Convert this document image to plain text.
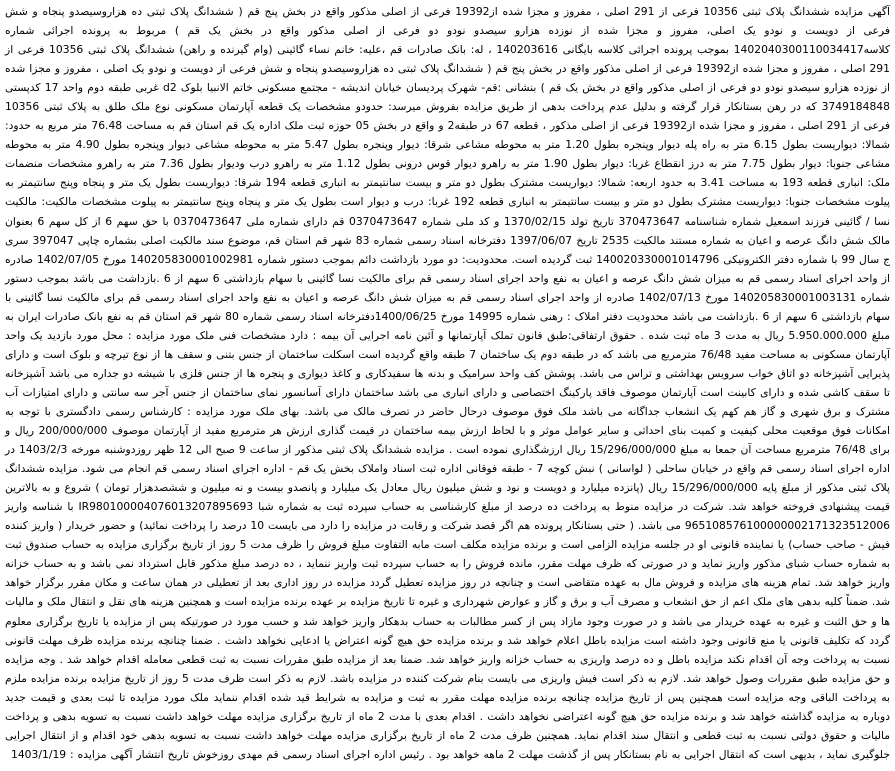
آگهی مزایده ششدانگ پلاک ثبتی 10356 فرعی از 291 اصلی ، مفروز و مجزا شده از19392 فرعی از اصلی مذکور واقع در بخش پنج قم ( ششدانگ پلاک ثبتی ده هزاروسیصدو پنجاه و شش فرعی از دویست و نودو یک اصلی، مفروز و مجزا شده از نوزده هزارو سیصدو نودو دو فرعی از اصلی مذکور واقع در بخش یک قم ) مربوط به پرونده اجرائی شماره کلاسه1402040300110034417 بموجب پرونده اجرائی کلاسه بایگانی 140203616 ، له: بانک صادرات قم ،علیه: خانم نساء گائینی (وام گیرنده و راهن) ششدانگ پلاک ثبتی 10356 فرعی از 291 اصلی ، مفروز و مجزا شده از19392 فرعی از اصلی مذکور واقع در بخش پنج قم ( ششدانگ پلاک ثبتی ده هزاروسیصدو پنجاه و شش فرعی از دویست و نودو یک اصلی ، مفروز و مجزا شده از نوزده هزارو سیصدو نودو دو فرعی از اصلی مذکور واقع در بخش یک قم ) بنشانی :قم- شهرک پردیسان خیابان اندیشه - مجتمع مسکونی خاتم الانبیا بلوک d2 غربی طبقه دوم واحد 17 کدپستی 3749184848 که در رهن بستانکار قرار گرفته و بدلیل عدم پرداخت بدهی از طریق مزایده بفروش میرسد: حدودو مشخصات یک قطعه آپارتمان مسکونی نوع ملک طلق به پلاک ثبتی 10356 فرعی از 291 اصلی ، مفروز و مجزا شده از19392 فرعی از اصلی مذکور ، قطعه 67 در طبقه2 و واقع در بخش 05 حوزه ثبت ملک اداره یک قم استان قم به مساحت 76.48 متر مربع به حدود: شمالا: دیواریست بطول 6.15 متر به راه پله دیوار وپنجره بطول 1.20 متر به محوطه مشاعی شرقا: دیوار وپنجره بطول 5.47 متر به محوطه مشاعی دیوار وپنجره بطول 4.90 متر به محوطه مشاعی جنوبا: دیوار بطول 7.75 متر به درز انقطاع غربا: دیوار بطول 1.90 متر به راهرو دیوار قوس درونی بطول 1.12 متر به راهرو درب ودیوار بطول 7.36 متر به راهرو مشخصات منضمات ملک: انباری قطعه 193 به مساحت 3.41 به حدود اربعه: شمالا: دیواریست مشترک بطول دو متر و بیست سانتیمتر به انباری قطعه 194 شرقا: دیواریست بطول یک متر و پنجاه وپنج سانتیمتر به پیلوت مشخصات جنوبا: دیواریست مشترک بطول دو متر و بیست سانتیمتر به انباری قطعه 192 غربا: درب و دیوار است بطول یک متر و پنجاه وپنج سانتیمتر به پیلوت مشخصات مالکیت: مالکیت نسا / گائینی فرزند اسمعیل شماره شناسنامه 370473647 تاریخ تولد 1370/02/15 و کد ملی شماره 0370473647 قم دارای شماره ملی 0370473647 با حق سهم 6 از کل سهم 6 بعنوان مالک شش دانگ عرصه و اعیان به شماره مستند مالکیت 2535 تاریخ 1397/06/07 دفترخانه اسناد رسمی شماره 83 شهر قم استان قم، موضوع سند مالکیت اصلی بشماره چاپی 397047 سری ج سال 99 با شماره دفتر الکترونیکی 140020330001014796 ثبت گردیده است. محدودیت: دو مورد بازداشت دائم بموجب دستور شماره 140205830001002981 مورخ 1402/07/05 صادره از واحد اجرای اسناد رسمی قم به میزان شش دانگ عرصه و اعیان به نفع واحد اجرای اسناد رسمی قم برای مالکیت نسا گائینی با سهام بازداشتی 6 سهم از 6 .بازداشت می باشد بموجب دستور شماره 140205830001003131 مورخ 1402/07/13 صادره از واحد اجرای اسناد رسمی قم به میزان شش دانگ عرصه و اعیان به نفع واحد اجرای اسناد رسمی قم برای مالکیت نسا گائینی با سهام بازداشتی 6 سهم از 6 .بازداشت می باشد محدودیت دفتر املاک : رهنی شماره 14995 مورخ 1400/06/25دفترخانه اسناد رسمی شماره 80 شهر قم استان قم به نفع بانک صادرات ایران به مبلغ 5.950.000.000 ریال به مدت 3 ماه ثبت شده . حقوق ارتفاقی:طبق قانون تملک آپارتمانها و آئین نامه اجرایی آن بیمه : دارد مشخصات فنی ملک مورد مزایده : محل مورد بازدید یک واحد آپارتمان مسکونی به مساحت مفید 76/48 مترمربع می باشد که در طبقه دوم یک ساختمان 7 طبقه واقع گردیده است اسکلت ساختمان از جنس بتنی و سقف ها از نوع تیرچه و بلوک است و دارای پذیرایی آشپزخانه دو اتاق خواب سرویس بهداشتی و تراس می باشد. پوشش کف واحد سرامیک و بدنه ها سفیدکاری و کاغذ دیواری و پنجره ها از جنس فلزی با شیشه دو جداره می باشد آشپزخانه تا سقف کاشی شده و دارای کابینت است آپارتمان موصوف فاقد پارکینگ اختصاصی و دارای انباری می باشد ساختمان دارای آسانسور نمای ساختمان از جنس آجر سه سانتی و دارای امتیازات آب مشترک و برق شهری و گاز هم کهم یک انشعاب جداگانه می باشد ملک فوق موصوف درحال حاضر در تصرف مالک می باشد. بهای ملک مورد مزایده : کارشناس رسمی دادگستری با توجه به امکانات فوق موقعیت محلی کیفیت و کمیت بنای احداثی و سایر عوامل موثر و با لحاظ ارزش بیمه ساختمان در قیمت گذاری ارزش هر مترمربع مفید از آپارتمان موصوف 200/000/000 ریال و برای 76/48 مترمربع مساحت آن جمعا به مبلغ 15/296/000/000 ریال ارزشگذاری نموده است . مزایده ششدانگ پلاک ثبتی مذکور از ساعت 9 صبح الی 12 ظهر روزدوشنبه مورخه 1403/2/3 در اداره اجرای اسناد رسمی قم واقع در خیابان ساحلی ( لواسانی ) نبش کوچه 7 - طبقه فوقانی اداره ثبت اسناد واملاک بخش یک قم - اداره اجرای اسناد رسمی قم انجام می شود. مزایده ششدانگ پلاک ثبتی مذکور از مبلغ پایه 15/296/000/000 ریال (پانزده میلیارد و دویست و نود و شش میلیون ریال معادل یک میلیارد و پانصدو بیست و نه میلیون و ششصدهزار تومان ) شروع و به بالاترین قیمت پیشنهادی فروخته خواهد شد. شرکت در مزایده منوط به پرداخت ده درصد از مبلغ کارشناسی به حساب سپرده ثبت به شماره شبا IR980100004076013207895693 با شناسه واریز 965108576100000002171323512006 می باشد. ( حتی بستانکار پرونده هم اگر قصد شرکت و رقابت در مزایده را دارد می بایست 10 درصد را پرداخت نمائید) و حضور خریدار ( واریز کننده فیش - صاحب حساب) یا نماینده قانونی او در جلسه مزایده الزامی است و برنده مزایده مکلف است مابه التفاوت مبلغ فروش را ظرف مدت 5 روز از تاریخ برگزاری مزایده به حساب صندوق ثبت به شماره حساب شبای مذکور واریز نماید و در صورتی که ظرف مهلت مقرر، مانده فروش را به حساب سپرده ثبت واریز ننماید ، ده درصد مبلغ مذکور قابل استرداد نمی باشد و به حساب خزانه واریز خواهد شد. تمام هزینه های مزایده و فروش مال به عهده متقاضی است و چنانچه در روز مزایده تعطیل گردد مزایده در روز اداری بعد از تعطیلی در همان ساعت و مکان مقرر برگزار خواهد شد. ضمناً کلیه بدهی های ملک اعم از حق انشعاب و مصرف آب و برق و گاز و عوارض شهرداری و غیره تا تاریخ مزایده بر عهده برنده مزایده است و همچنین هزینه های نقل و انتقال ملک و مالیات ها و حق الثبت و غیره به عهده خریدار می باشد و در صورت وجود مازاد پس از کسر مطالبات به حساب بدهکار واریز خواهد شد و حسب مورد در صورتیکه پس از مزایده یا تاریخ برگزاری معلوم گردد که تکلیف قانونی یا منع قانونی وجود داشته است مزایده باطل اعلام خواهد شد و برنده مزایده حق هیچ گونه اعتراض یا ادعایی نخواهد داشت . ضمنا چنانچه برنده مزایده ظرف مهلت قانونی نسبت به پرداخت وجه آن اقدام نکند مزایده باطل و ده درصد واریزی به حساب خزانه واریز خواهد شد. ضمنا بعد از مزایده طبق مقررات نسبت به ثبت قطعی معامله اقدام خواهد شد . وجه مزایده و حق مزایده طبق مقررات وصول خواهد شد. لازم به ذکر است فیش واریزی می بایست بنام شرکت کننده در مزایده باشد. لازم به ذکر است ظرف مدت 5 روز از تاریخ مزایده برنده مزایده ملزم به پرداخت الباقی وجه مزایده است همچنین پس از تاریخ مزایده چنانچه برنده مزایده مهلت مقرر به ثبت و مزایده به شرایط قید شده اقدام ننماید ملک مورد مزایده تا ثبت بعدی و قیمت جدید دوباره به مزایده گذاشته خواهد شد و برنده مزایده حق هیچ گونه اعتراضی نخواهد داشت . اقدام بعدی با مدت 2 ماه از تاریخ برگزاری مزایده مهلت خواهد داشت نسبت به تسویه بدهی و پرداخت مالیات و حقوق دولتی نسبت به ثبت قطعی و انتقال سند اقدام نماید. همچنین ظرف مدت 2 ماه از تاریخ برگزاری مزایده مهلت خواهد داشت نسبت به تسویه بدهی خود اقدام و از انتقال اجرایی جلوگیری نماید ، بدیهی است که انتقال اجرایی به نام بستانکار پس از گذشت مهلت 2 ماهه خواهد بود . رئیس اداره اجرای اسناد رسمی قم مهدی روزخوش تاریخ انتشار آگهی مزایده : 1403/1/19
